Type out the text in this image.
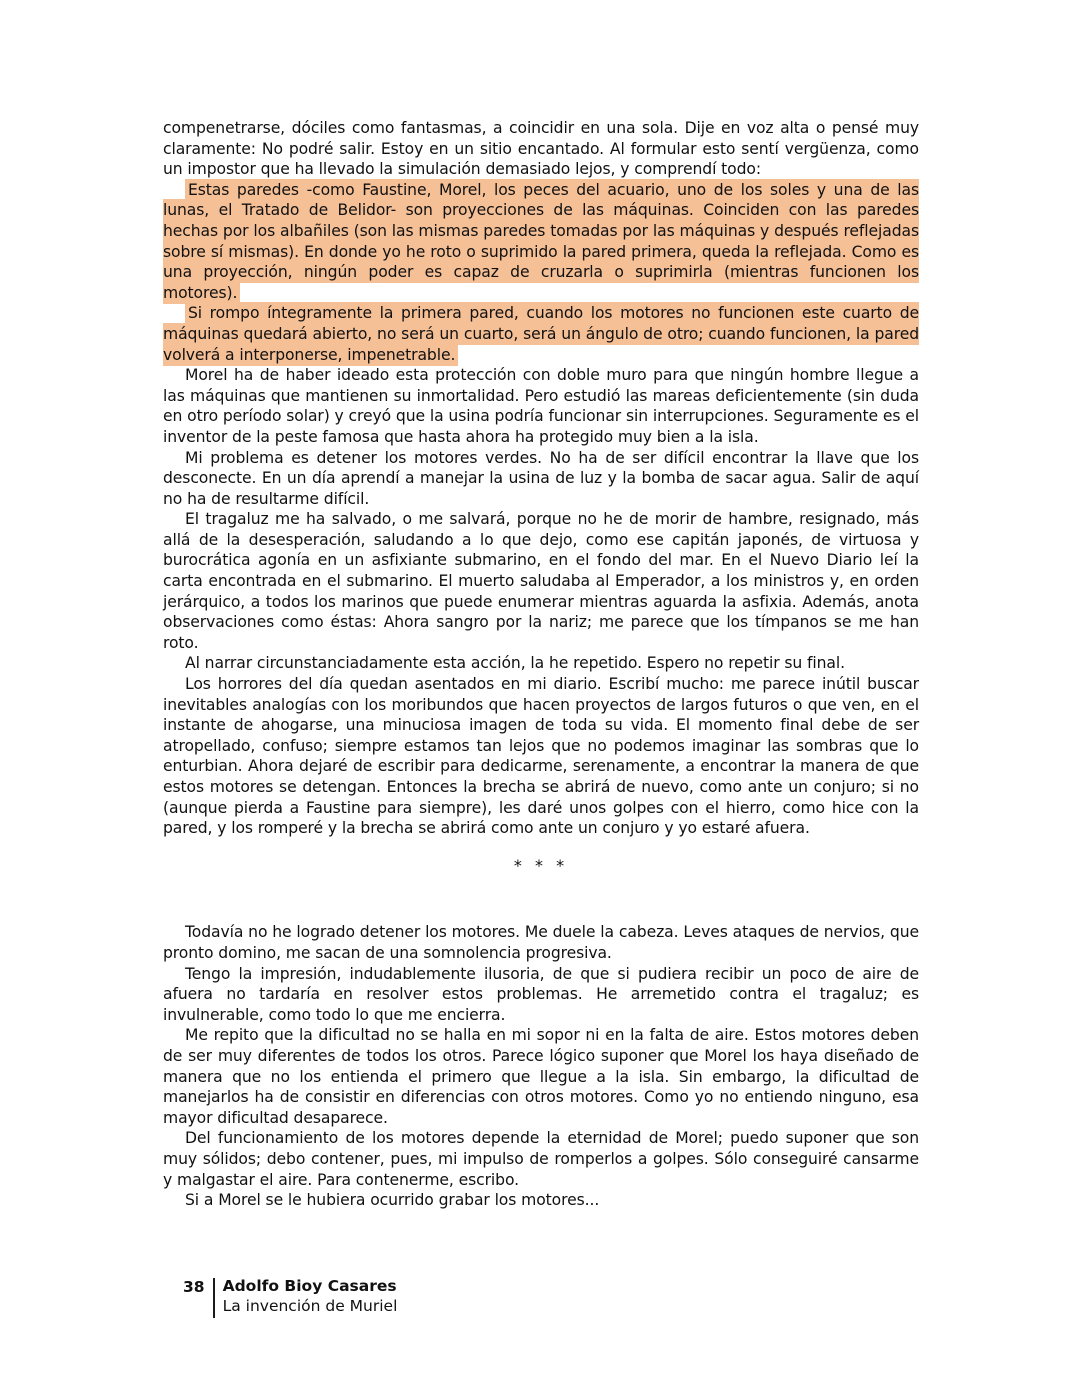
compenetrarse, dóciles como fantasmas, a coincidir en una sola. Dije en voz alta o pensé muy claramente: No podré salir. Estoy en un sitio encantado. Al formular esto sentí vergüenza, como un impostor que ha llevado la simulación demasiado lejos, y comprendí todo:

Estas paredes -como Faustine, Morel, los peces del acuario, uno de los soles y una de las lunas, el Tratado de Belidor- son proyecciones de las máquinas. Coinciden con las paredes hechas por los albañiles (son las mismas paredes tomadas por las máquinas y después reflejadas sobre sí mismas). En donde yo he roto o suprimido la pared primera, queda la reflejada. Como es una proyección, ningún poder es capaz de cruzarla o suprimirla (mientras funcionen los motores).

Si rompo íntegramente la primera pared, cuando los motores no funcionen este cuarto de máquinas quedará abierto, no será un cuarto, será un ángulo de otro; cuando funcionen, la pared volverá a interponerse, impenetrable.

Morel ha de haber ideado esta protección con doble muro para que ningún hombre llegue a las máquinas que mantienen su inmortalidad. Pero estudió las mareas deficientemente (sin duda en otro período solar) y creyó que la usina podría funcionar sin interrupciones. Seguramente es el inventor de la peste famosa que hasta ahora ha protegido muy bien a la isla.

Mi problema es detener los motores verdes. No ha de ser difícil encontrar la llave que los desconecte. En un día aprendí a manejar la usina de luz y la bomba de sacar agua. Salir de aquí no ha de resultarme difícil.

El tragaluz me ha salvado, o me salvará, porque no he de morir de hambre, resignado, más allá de la desesperación, saludando a lo que dejo, como ese capitán japonés, de virtuosa y burocrática agonía en un asfixiante submarino, en el fondo del mar. En el Nuevo Diario leí la carta encontrada en el submarino. El muerto saludaba al Emperador, a los ministros y, en orden jerárquico, a todos los marinos que puede enumerar mientras aguarda la asfixia. Además, anota observaciones como éstas: Ahora sangro por la nariz; me parece que los tímpanos se me han roto.

Al narrar circunstanciadamente esta acción, la he repetido. Espero no repetir su final.

Los horrores del día quedan asentados en mi diario. Escribí mucho: me parece inútil buscar inevitables analogías con los moribundos que hacen proyectos de largos futuros o que ven, en el instante de ahogarse, una minuciosa imagen de toda su vida. El momento final debe de ser atropellado, confuso; siempre estamos tan lejos que no podemos imaginar las sombras que lo enturbian. Ahora dejaré de escribir para dedicarme, serenamente, a encontrar la manera de que estos motores se detengan. Entonces la brecha se abrirá de nuevo, como ante un conjuro; si no (aunque pierda a Faustine para siempre), les daré unos golpes con el hierro, como hice con la pared, y los romperé y la brecha se abrirá como ante un conjuro y yo estaré afuera.

* * *

Todavía no he logrado detener los motores. Me duele la cabeza. Leves ataques de nervios, que pronto domino, me sacan de una somnolencia progresiva.

Tengo la impresión, indudablemente ilusoria, de que si pudiera recibir un poco de aire de afuera no tardaría en resolver estos problemas. He arremetido contra el tragaluz; es invulnerable, como todo lo que me encierra.

Me repito que la dificultad no se halla en mi sopor ni en la falta de aire. Estos motores deben de ser muy diferentes de todos los otros. Parece lógico suponer que Morel los haya diseñado de manera que no los entienda el primero que llegue a la isla. Sin embargo, la dificultad de manejarlos ha de consistir en diferencias con otros motores. Como yo no entiendo ninguno, esa mayor dificultad desaparece.

Del funcionamiento de los motores depende la eternidad de Morel; puedo suponer que son muy sólidos; debo contener, pues, mi impulso de romperlos a golpes. Sólo conseguiré cansarme y malgastar el aire. Para contenerme, escribo.

Si a Morel se le hubiera ocurrido grabar los motores...

38	Adolfo Bioy Casares
La invención de Muriel
